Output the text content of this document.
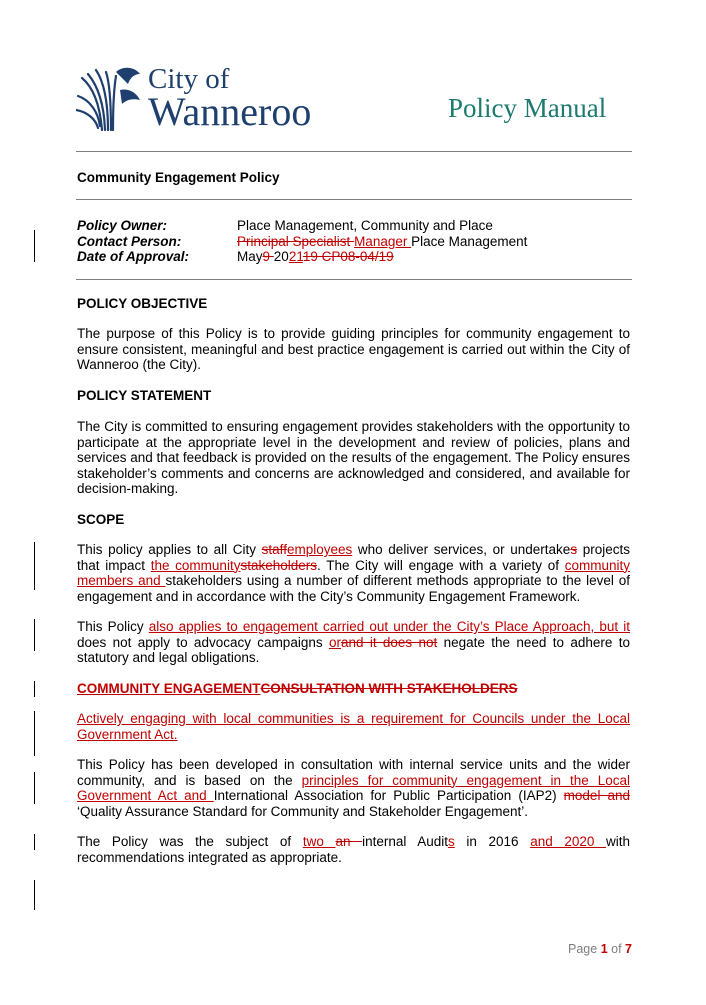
City of
Wanneroo	Policy Manual
Community Engagement Policy
Policy Owner:	Place Management, Community and Place
Contact Person:	Principal Specialist Manager Place Management
Date of Approval:	May9 202119 CP08-04/19
POLICY OBJECTIVE
The purpose of this Policy is to provide guiding principles for community engagement to ensure consistent, meaningful and best practice engagement is carried out within the City of Wanneroo (the City).
POLICY STATEMENT
The City is committed to ensuring engagement provides stakeholders with the opportunity to participate at the appropriate level in the development and review of policies, plans and services and that feedback is provided on the results of the engagement. The Policy ensures stakeholder’s comments and concerns are acknowledged and considered, and available for decision-making.
SCOPE
This policy applies to all City staffemployees who deliver services, or undertakes projects that impact the communitystakeholders. The City will engage with a variety of community members and stakeholders using a number of different methods appropriate to the level of engagement and in accordance with the City’s Community Engagement Framework.
This Policy also applies to engagement carried out under the City’s Place Approach, but it does not apply to advocacy campaigns orand it does not negate the need to adhere to statutory and legal obligations.
COMMUNITY ENGAGEMENTCONSULTATION WITH STAKEHOLDERS
Actively engaging with local communities is a requirement for Councils under the Local Government Act.
This Policy has been developed in consultation with internal service units and the wider community, and is based on the principles for community engagement in the Local Government Act and International Association for Public Participation (IAP2) model and ‘Quality Assurance Standard for Community and Stakeholder Engagement’.
The Policy was the subject of two an internal Audits in 2016 and 2020 with recommendations integrated as appropriate.
Page 1 of 7
